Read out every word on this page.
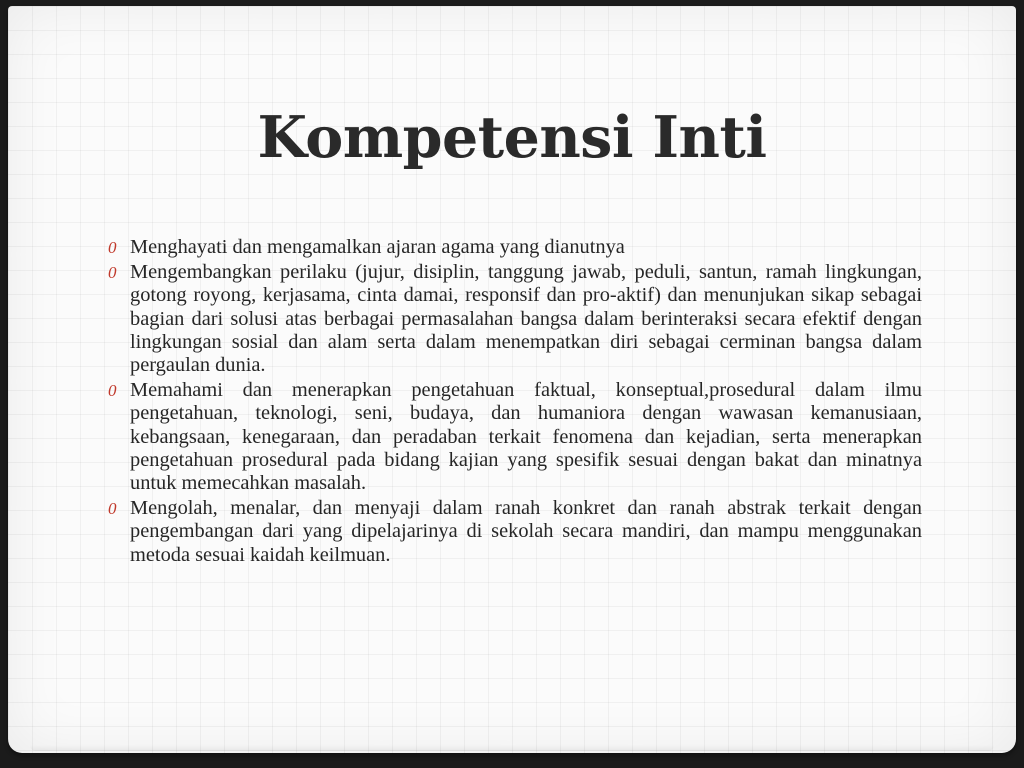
Kompetensi Inti
0 Menghayati dan mengamalkan ajaran agama yang dianutnya
0 Mengembangkan perilaku (jujur, disiplin, tanggung jawab, peduli, santun, ramah lingkungan, gotong royong, kerjasama, cinta damai, responsif dan pro-aktif) dan menunjukan sikap sebagai bagian dari solusi atas berbagai permasalahan bangsa dalam berinteraksi secara efektif dengan lingkungan sosial dan alam serta dalam menempatkan diri sebagai cerminan bangsa dalam pergaulan dunia.
0 Memahami dan menerapkan pengetahuan faktual, konseptual,prosedural dalam ilmu pengetahuan, teknologi, seni, budaya, dan humaniora dengan wawasan kemanusiaan, kebangsaan, kenegaraan, dan peradaban terkait fenomena dan kejadian, serta menerapkan pengetahuan prosedural pada bidang kajian yang spesifik sesuai dengan bakat dan minatnya untuk memecahkan masalah.
0 Mengolah, menalar, dan menyaji dalam ranah konkret dan ranah abstrak terkait dengan pengembangan dari yang dipelajarinya di sekolah secara mandiri, dan mampu menggunakan metoda sesuai kaidah keilmuan.
